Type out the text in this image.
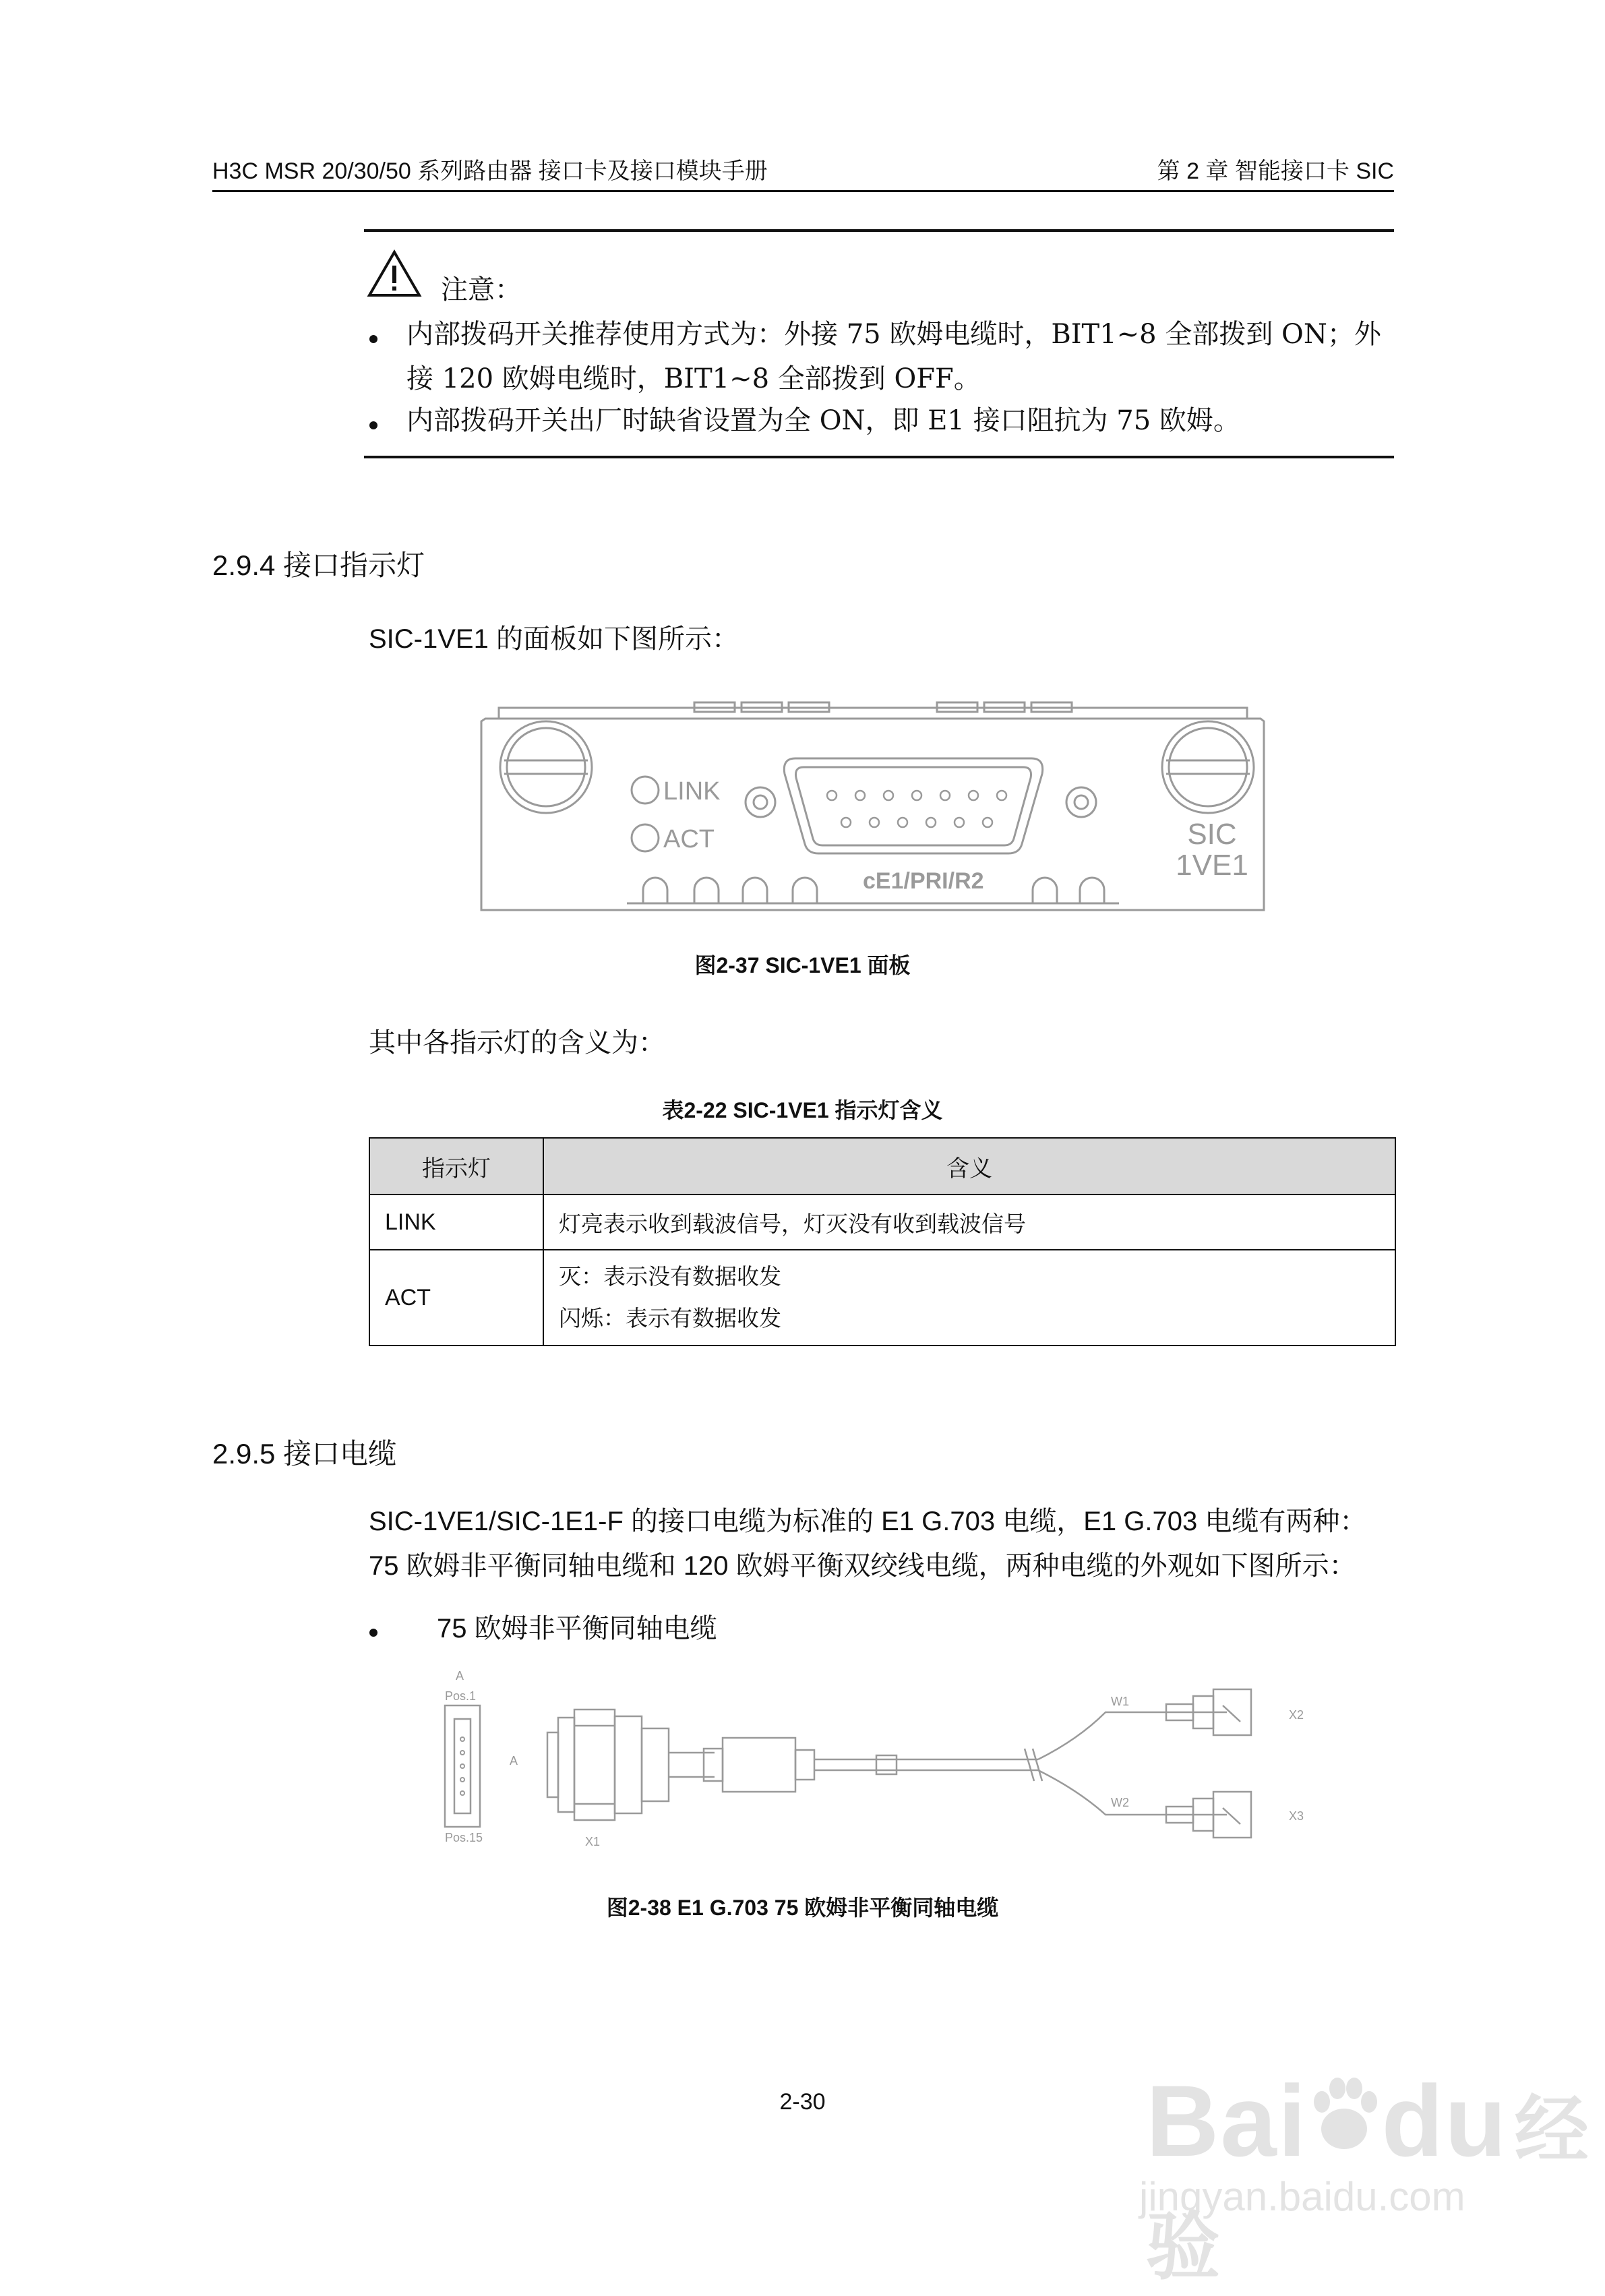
H3C MSR 20/30/50 系列路由器 接口卡及接口模块手册	第 2 章 智能接口卡 SIC
注意：
内部拨码开关推荐使用方式为：外接 75 欧姆电缆时，BIT1~8 全部拨到 ON；外
接 120 欧姆电缆时，BIT1~8 全部拨到 OFF。
内部拨码开关出厂时缺省设置为全 ON，即 E1 接口阻抗为 75 欧姆。
2.9.4 接口指示灯
SIC-1VE1 的面板如下图所示：
LINK
ACT
cE1/PRI/R2
SIC
1VE1
图2-37 SIC-1VE1 面板
其中各指示灯的含义为：
表2-22 SIC-1VE1 指示灯含义
指示灯	含义
LINK	灯亮表示收到载波信号，灯灭没有收到载波信号
ACT	灭：表示没有数据收发
闪烁：表示有数据收发
2.9.5 接口电缆
SIC-1VE1/SIC-1E1-F 的接口电缆为标准的 E1 G.703 电缆，E1 G.703 电缆有两种：
75 欧姆非平衡同轴电缆和 120 欧姆平衡双绞线电缆，两种电缆的外观如下图所示：
75 欧姆非平衡同轴电缆
A
A
Pos.1
Pos.15	X1
W1
W2
X2
X3
图2-38 E1 G.703 75 欧姆非平衡同轴电缆
2-30	Bai du经验
jingyan.baidu.com
